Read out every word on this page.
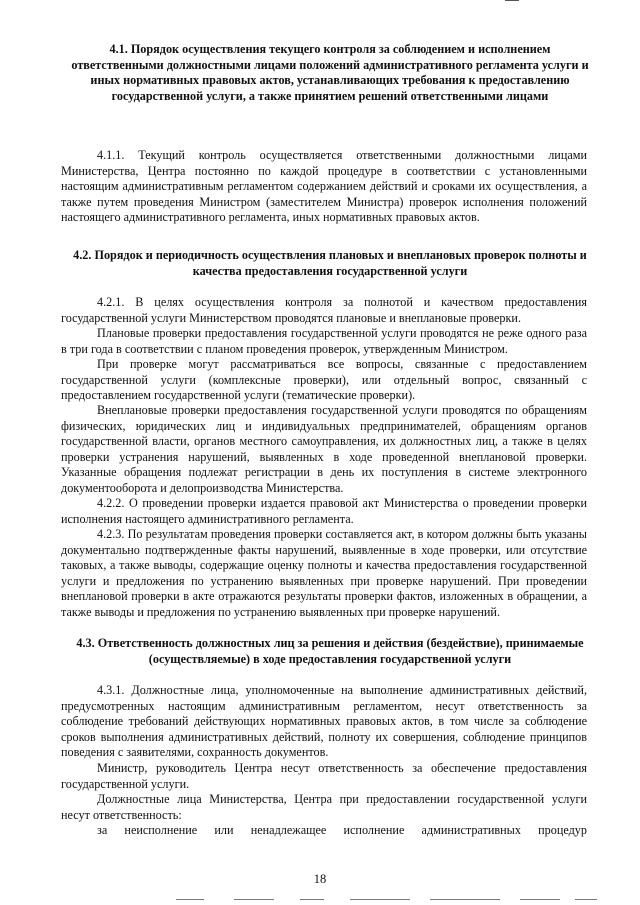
4.1. Порядок осуществления текущего контроля за соблюдением и исполнением ответственными должностными лицами положений административного регламента услуги и иных нормативных правовых актов, устанавливающих требования к предоставлению государственной услуги, а также принятием решений ответственными лицами

4.1.1. Текущий контроль осуществляется ответственными должностными лицами Министерства, Центра постоянно по каждой процедуре в соответствии с установленными настоящим административным регламентом содержанием действий и сроками их осуществления, а также путем проведения Министром (заместителем Министра) проверок исполнения положений настоящего административного регламента, иных нормативных правовых актов.

4.2. Порядок и периодичность осуществления плановых и внеплановых проверок полноты и качества предоставления государственной услуги

4.2.1. В целях осуществления контроля за полнотой и качеством предоставления государственной услуги Министерством проводятся плановые и внеплановые проверки.

Плановые проверки предоставления государственной услуги проводятся не реже одного раза в три года в соответствии с планом проведения проверок, утвержденным Министром.

При проверке могут рассматриваться все вопросы, связанные с предоставлением государственной услуги (комплексные проверки), или отдельный вопрос, связанный с предоставлением государственной услуги (тематические проверки).

Внеплановые проверки предоставления государственной услуги проводятся по обращениям физических, юридических лиц и индивидуальных предпринимателей, обращениям органов государственной власти, органов местного самоуправления, их должностных лиц, а также в целях проверки устранения нарушений, выявленных в ходе проведенной внеплановой проверки. Указанные обращения подлежат регистрации в день их поступления в системе электронного документооборота и делопроизводства Министерства.

4.2.2. О проведении проверки издается правовой акт Министерства о проведении проверки исполнения настоящего административного регламента.

4.2.3. По результатам проведения проверки составляется акт, в котором должны быть указаны документально подтвержденные факты нарушений, выявленные в ходе проверки, или отсутствие таковых, а также выводы, содержащие оценку полноты и качества предоставления государственной услуги и предложения по устранению выявленных при проверке нарушений. При проведении внеплановой проверки в акте отражаются результаты проверки фактов, изложенных в обращении, а также выводы и предложения по устранению выявленных при проверке нарушений.

4.3. Ответственность должностных лиц за решения и действия (бездействие), принимаемые (осуществляемые) в ходе предоставления государственной услуги

4.3.1. Должностные лица, уполномоченные на выполнение административных действий, предусмотренных настоящим административным регламентом, несут ответственность за соблюдение требований действующих нормативных правовых актов, в том числе за соблюдение сроков выполнения административных действий, полноту их совершения, соблюдение принципов поведения с заявителями, сохранность документов.

Министр, руководитель Центра несут ответственность за обеспечение предоставления государственной услуги.

Должностные лица Министерства, Центра при предоставлении государственной услуги несут ответственность:

за неисполнение или ненадлежащее исполнение административных процедур

18
